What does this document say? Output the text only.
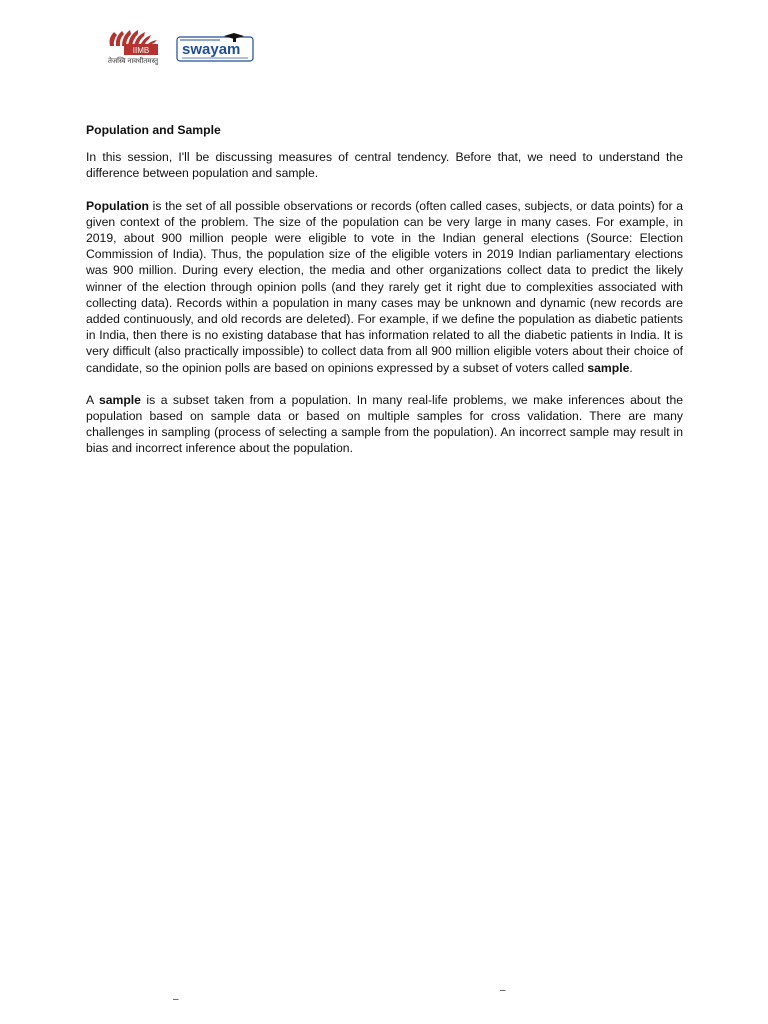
IIMB
तेजस्वि नावधीतमस्तु
swayam
Population and Sample

In this session, I'll be discussing measures of central tendency. Before that, we need to understand the difference between population and sample.

Population is the set of all possible observations or records (often called cases, subjects, or data points) for a given context of the problem. The size of the population can be very large in many cases. For example, in 2019, about 900 million people were eligible to vote in the Indian general elections (Source: Election Commission of India). Thus, the population size of the eligible voters in 2019 Indian parliamentary elections was 900 million. During every election, the media and other organizations collect data to predict the likely winner of the election through opinion polls (and they rarely get it right due to complexities associated with collecting data). Records within a population in many cases may be unknown and dynamic (new records are added continuously, and old records are deleted). For example, if we define the population as diabetic patients in India, then there is no existing database that has information related to all the diabetic patients in India. It is very difficult (also practically impossible) to collect data from all 900 million eligible voters about their choice of candidate, so the opinion polls are based on opinions expressed by a subset of voters called sample.

A sample is a subset taken from a population. In many real-life problems, we make inferences about the population based on sample data or based on multiple samples for cross validation. There are many challenges in sampling (process of selecting a sample from the population). An incorrect sample may result in bias and incorrect inference about the population.

–
–
